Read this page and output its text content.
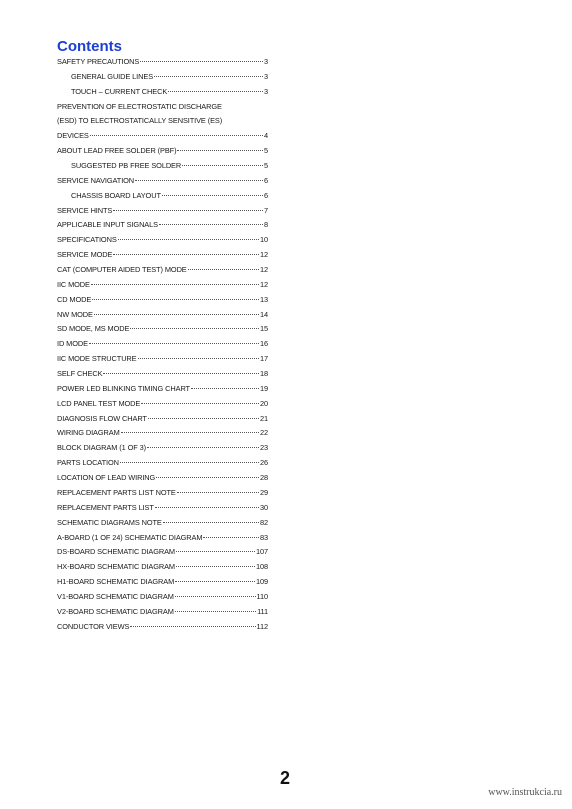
Contents
SAFETY PRECAUTIONS	3
GENERAL GUIDE LINES	3
TOUCH – CURRENT CHECK	3
PREVENTION OF ELECTROSTATIC DISCHARGE
(ESD) TO ELECTROSTATICALLY SENSITIVE (ES)
DEVICES	4
ABOUT LEAD FREE SOLDER (PBF)	5
SUGGESTED PB FREE SOLDER	5
SERVICE NAVIGATION	6
CHASSIS BOARD LAYOUT	6
SERVICE HINTS	7
APPLICABLE INPUT SIGNALS	8
SPECIFICATIONS	10
SERVICE MODE	12
CAT (COMPUTER AIDED TEST) MODE	12
IIC MODE	12
CD MODE	13
NW MODE	14
SD MODE, MS MODE	15
ID MODE	16
IIC MODE STRUCTURE	17
SELF CHECK	18
POWER LED BLINKING TIMING CHART	19
LCD PANEL TEST MODE	20
DIAGNOSIS FLOW CHART	21
WIRING DIAGRAM	22
BLOCK DIAGRAM (1 OF 3)	23
PARTS LOCATION	26
LOCATION OF LEAD WIRING	28
REPLACEMENT PARTS LIST NOTE	29
REPLACEMENT PARTS LIST	30
SCHEMATIC DIAGRAMS NOTE	82
A-BOARD (1 OF 24) SCHEMATIC DIAGRAM	83
DS-BOARD SCHEMATIC DIAGRAM	107
HX-BOARD SCHEMATIC DIAGRAM	108
H1-BOARD SCHEMATIC DIAGRAM	109
V1-BOARD SCHEMATIC DIAGRAM	110
V2-BOARD SCHEMATIC DIAGRAM	111
CONDUCTOR VIEWS	112
2
www.instrukcia.ru
